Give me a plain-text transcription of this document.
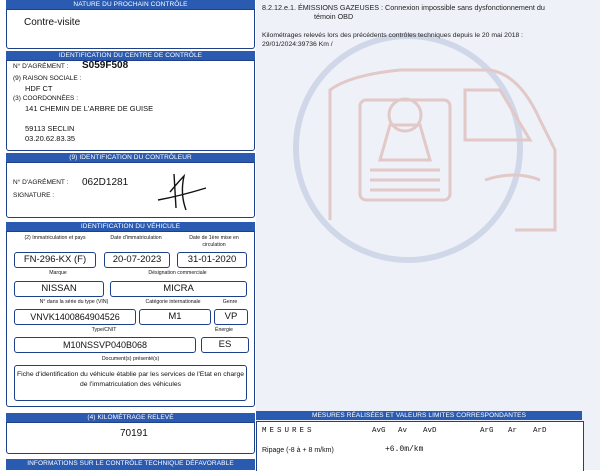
8.2.12.e.1. ÉMISSIONS GAZEUSES : Connexion impossible sans dysfonctionnement du
témoin OBD
Kilométrages relevés lors des précédents contrôles techniques depuis le 20 mai 2018 :
29/01/2024:39736 Km /
MESURES RÉALISÉES ET VALEURS LIMITES CORRESPONDANTES
MESURES	AvG Av AvD	ArG Ar ArD
Ripage (-8 à + 8 m/km)	+6.0m/km
NATURE DU PROCHAIN CONTRÔLE
Contre-visite
IDENTIFICATION DU CENTRE DE CONTRÔLE
N° D'AGRÉMENT : S059F508
(9) RAISON SOCIALE :
HDF CT
(3) COORDONNÉES :
141 CHEMIN DE L'ARBRE DE GUISE
59113 SECLIN
03.20.62.83.35
(9) IDENTIFICATION DU CONTRÔLEUR
N° D'AGRÉMENT : 062D1281
SIGNATURE :
IDENTIFICATION DU VÉHICULE
(2) Immatriculation et pays	Date d'immatriculation	Date de 1ère mise en circulation
FN-296-KX (F)	20-07-2023	31-01-2020
Marque	Désignation commerciale
NISSAN	MICRA
N° dans la série du type (VIN)	Catégorie internationale	Genre
VNVK1400864904526	M1	VP
Type/CNIT	Énergie
M10NSSVP040B068	ES
Document(s) présenté(s)
Fiche d'identification du véhicule établie par les services de l'Etat en charge de l'immatriculation des véhicules
(4) KILOMÉTRAGE RELEVÉ
70191
INFORMATIONS SUR LE CONTRÔLE TECHNIQUE DÉFAVORABLE
